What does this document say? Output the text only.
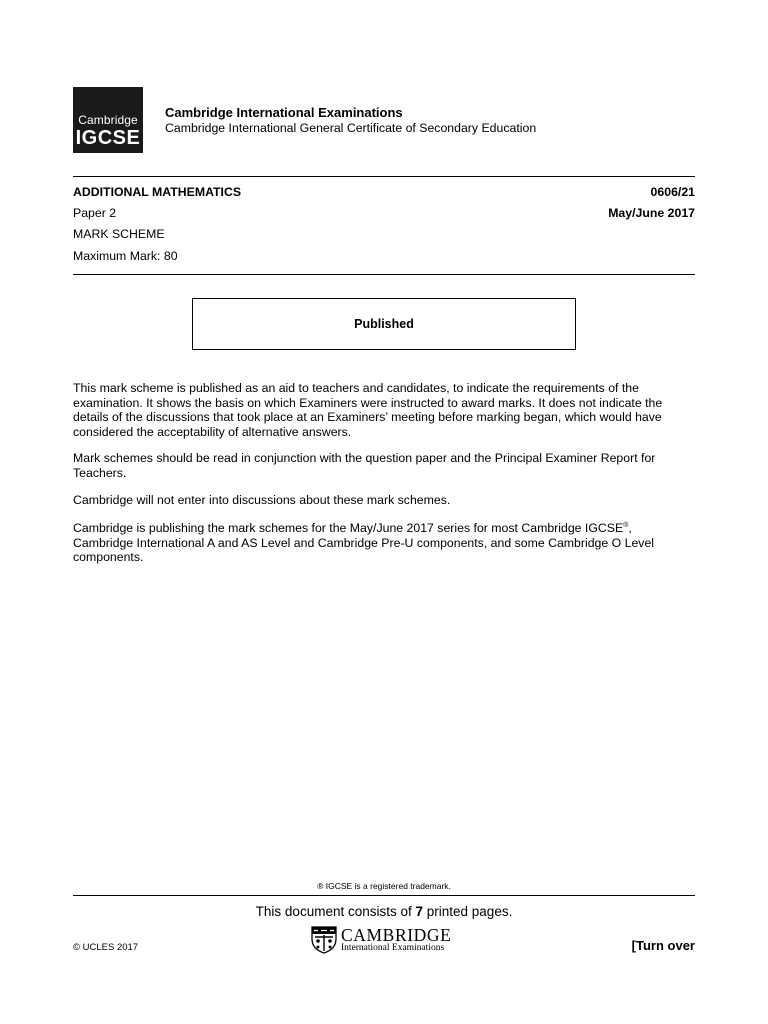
Cambridge
IGCSE
Cambridge International Examinations
Cambridge International General Certificate of Secondary Education
ADDITIONAL MATHEMATICS	0606/21
Paper 2	May/June 2017
MARK SCHEME
Maximum Mark: 80
Published
This mark scheme is published as an aid to teachers and candidates, to indicate the requirements of the
examination. It shows the basis on which Examiners were instructed to award marks. It does not indicate the
details of the discussions that took place at an Examiners’ meeting before marking began, which would have
considered the acceptability of alternative answers.
Mark schemes should be read in conjunction with the question paper and the Principal Examiner Report for
Teachers.
Cambridge will not enter into discussions about these mark schemes.
Cambridge is publishing the mark schemes for the May/June 2017 series for most Cambridge IGCSE®,
Cambridge International A and AS Level and Cambridge Pre-U components, and some Cambridge O Level
components.
® IGCSE is a registered trademark.
This document consists of 7 printed pages.
© UCLES 2017
CAMBRIDGE
International Examinations	[Turn over
